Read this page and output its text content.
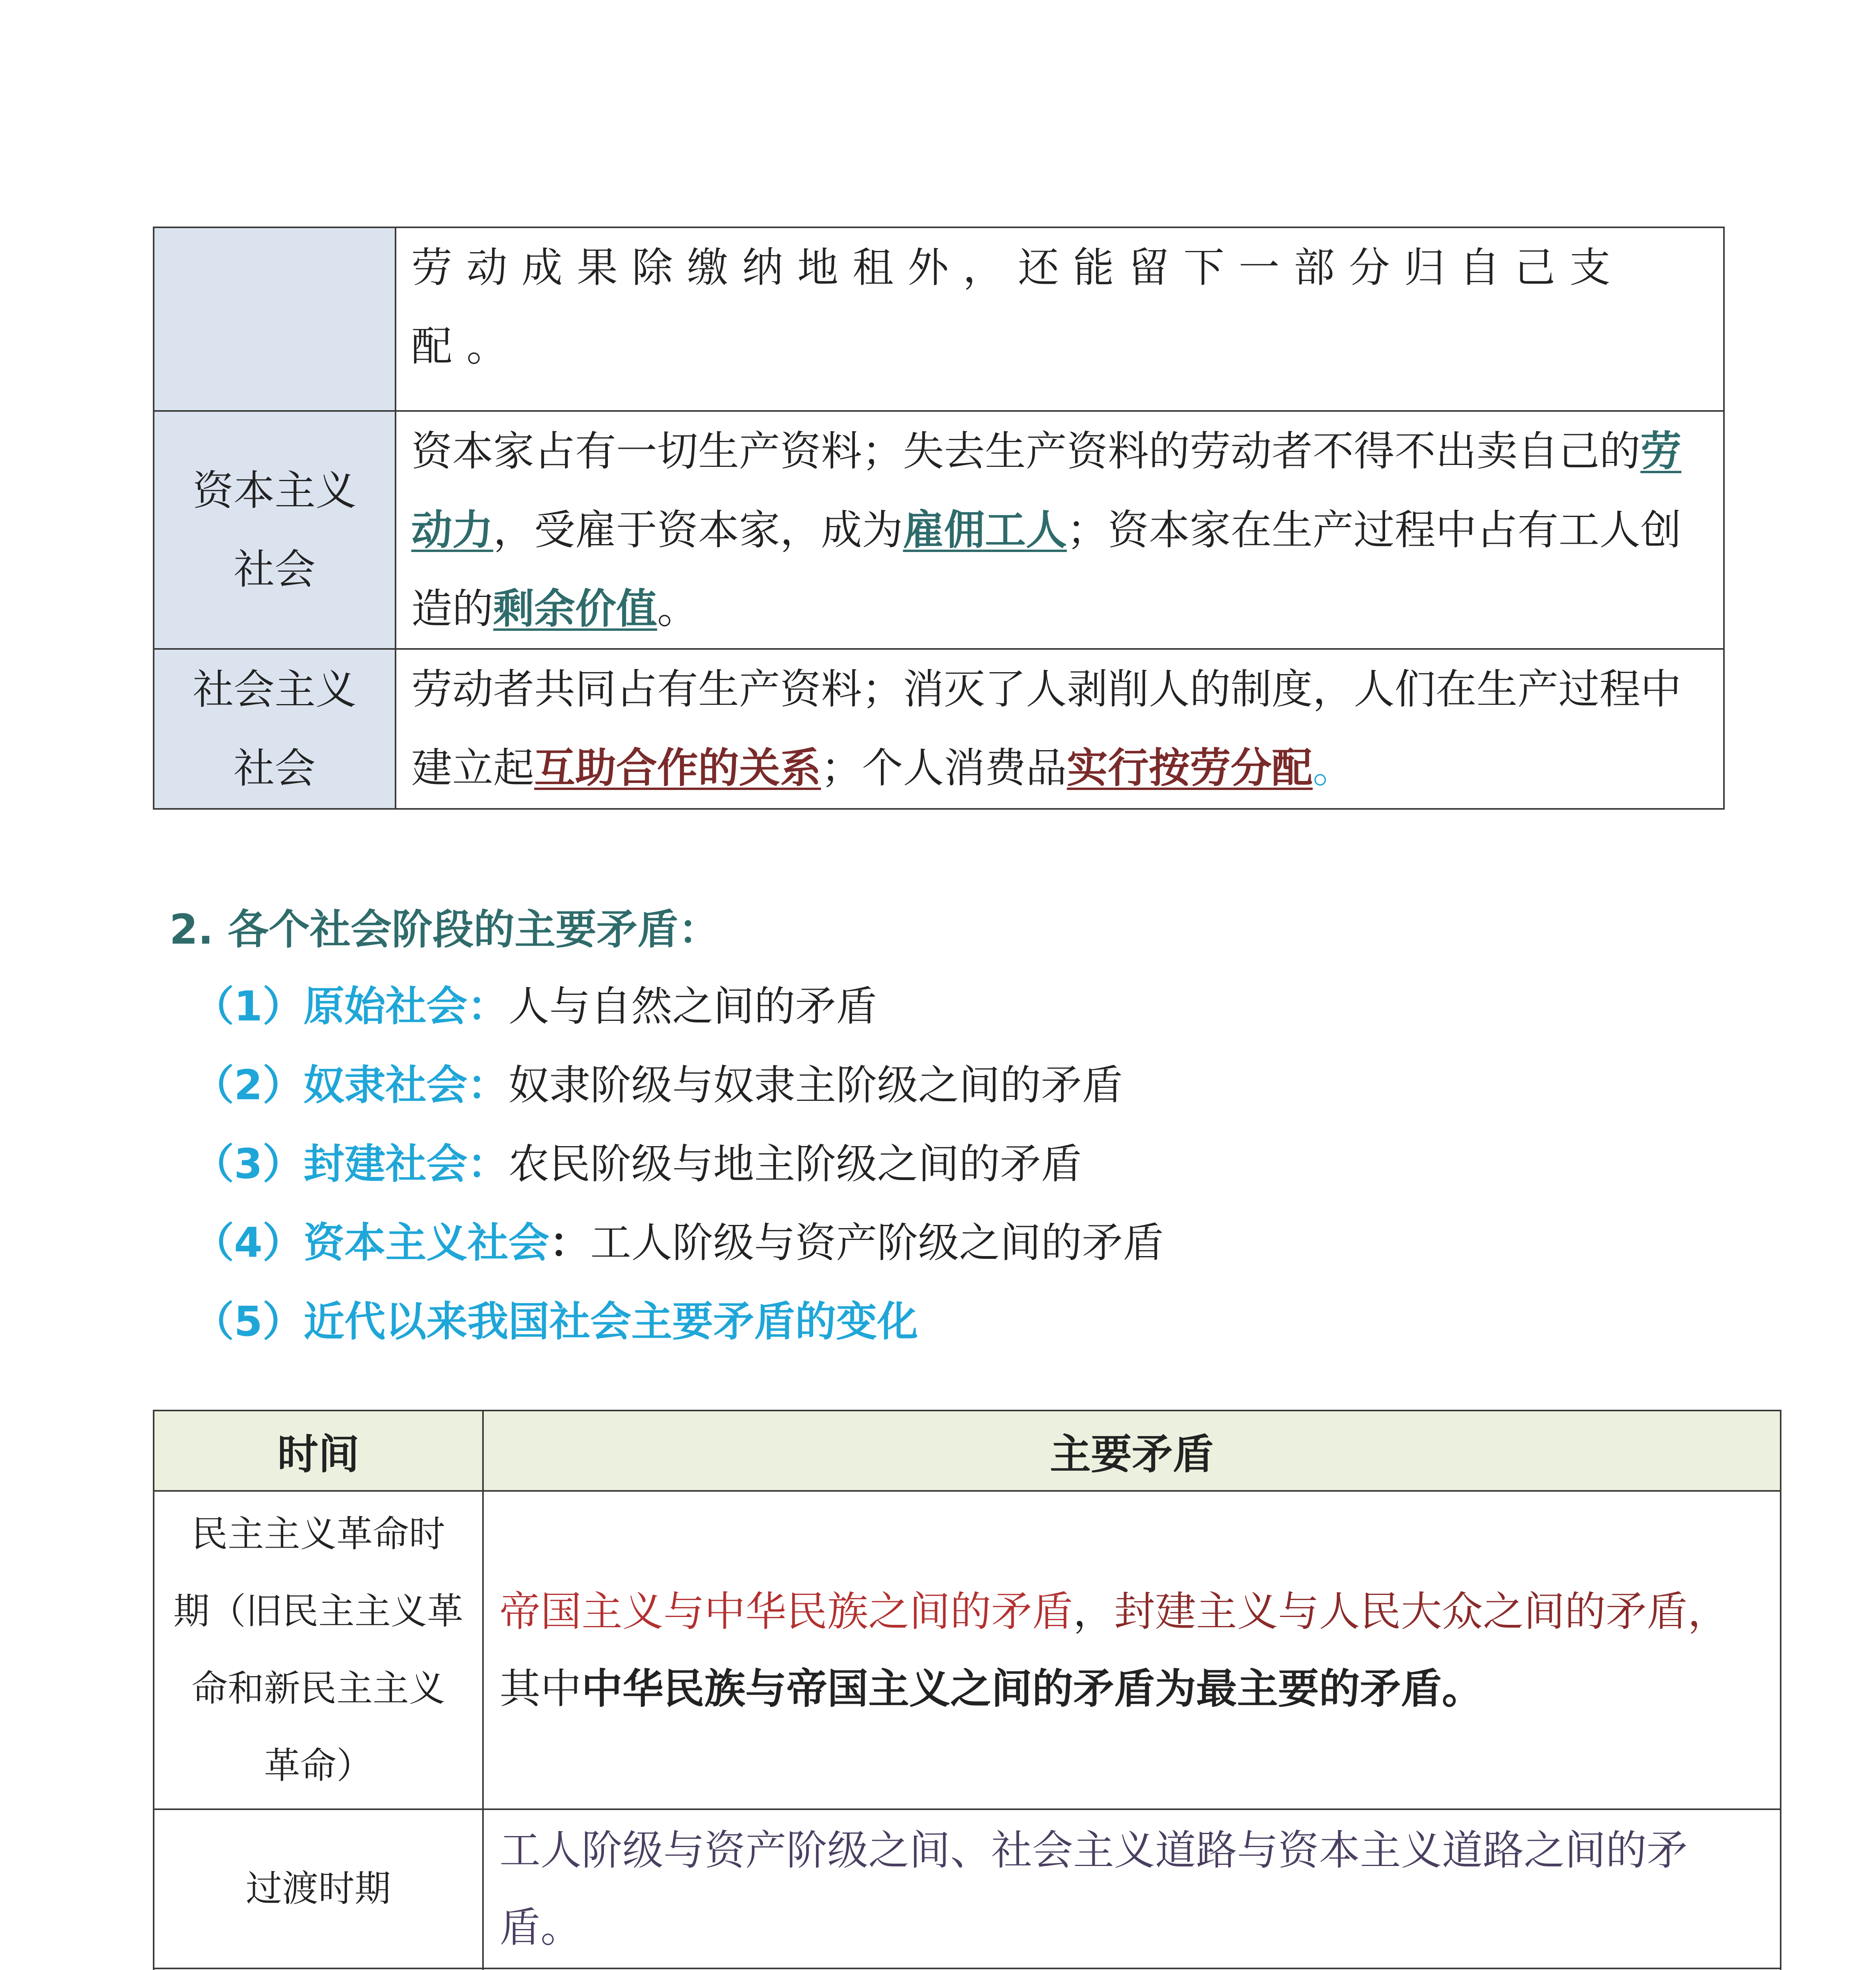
	劳动成果除缴纳地租外，还能留下一部分归自己支配。
资本主义
社会	资本家占有一切生产资料；失去生产资料的劳动者不得不出卖自己的劳动力，受雇于资本家，成为雇佣工人；资本家在生产过程中占有工人创造的剩余价值。
社会主义
社会	劳动者共同占有生产资料；消灭了人剥削人的制度，人们在生产过程中建立起互助合作的关系；个人消费品实行按劳分配。
2. 各个社会阶段的主要矛盾：
（1）原始社会：人与自然之间的矛盾
（2）奴隶社会：奴隶阶级与奴隶主阶级之间的矛盾
（3）封建社会：农民阶级与地主阶级之间的矛盾
（4）资本主义社会：工人阶级与资产阶级之间的矛盾
（5）近代以来我国社会主要矛盾的变化
时间	主要矛盾
民主主义革命时
期（旧民主主义革
命和新民主主义
革命）	帝国主义与中华民族之间的矛盾，封建主义与人民大众之间的矛盾，其中中华民族与帝国主义之间的矛盾为最主要的矛盾。
过渡时期	工人阶级与资产阶级之间、社会主义道路与资本主义道路之间的矛盾。
